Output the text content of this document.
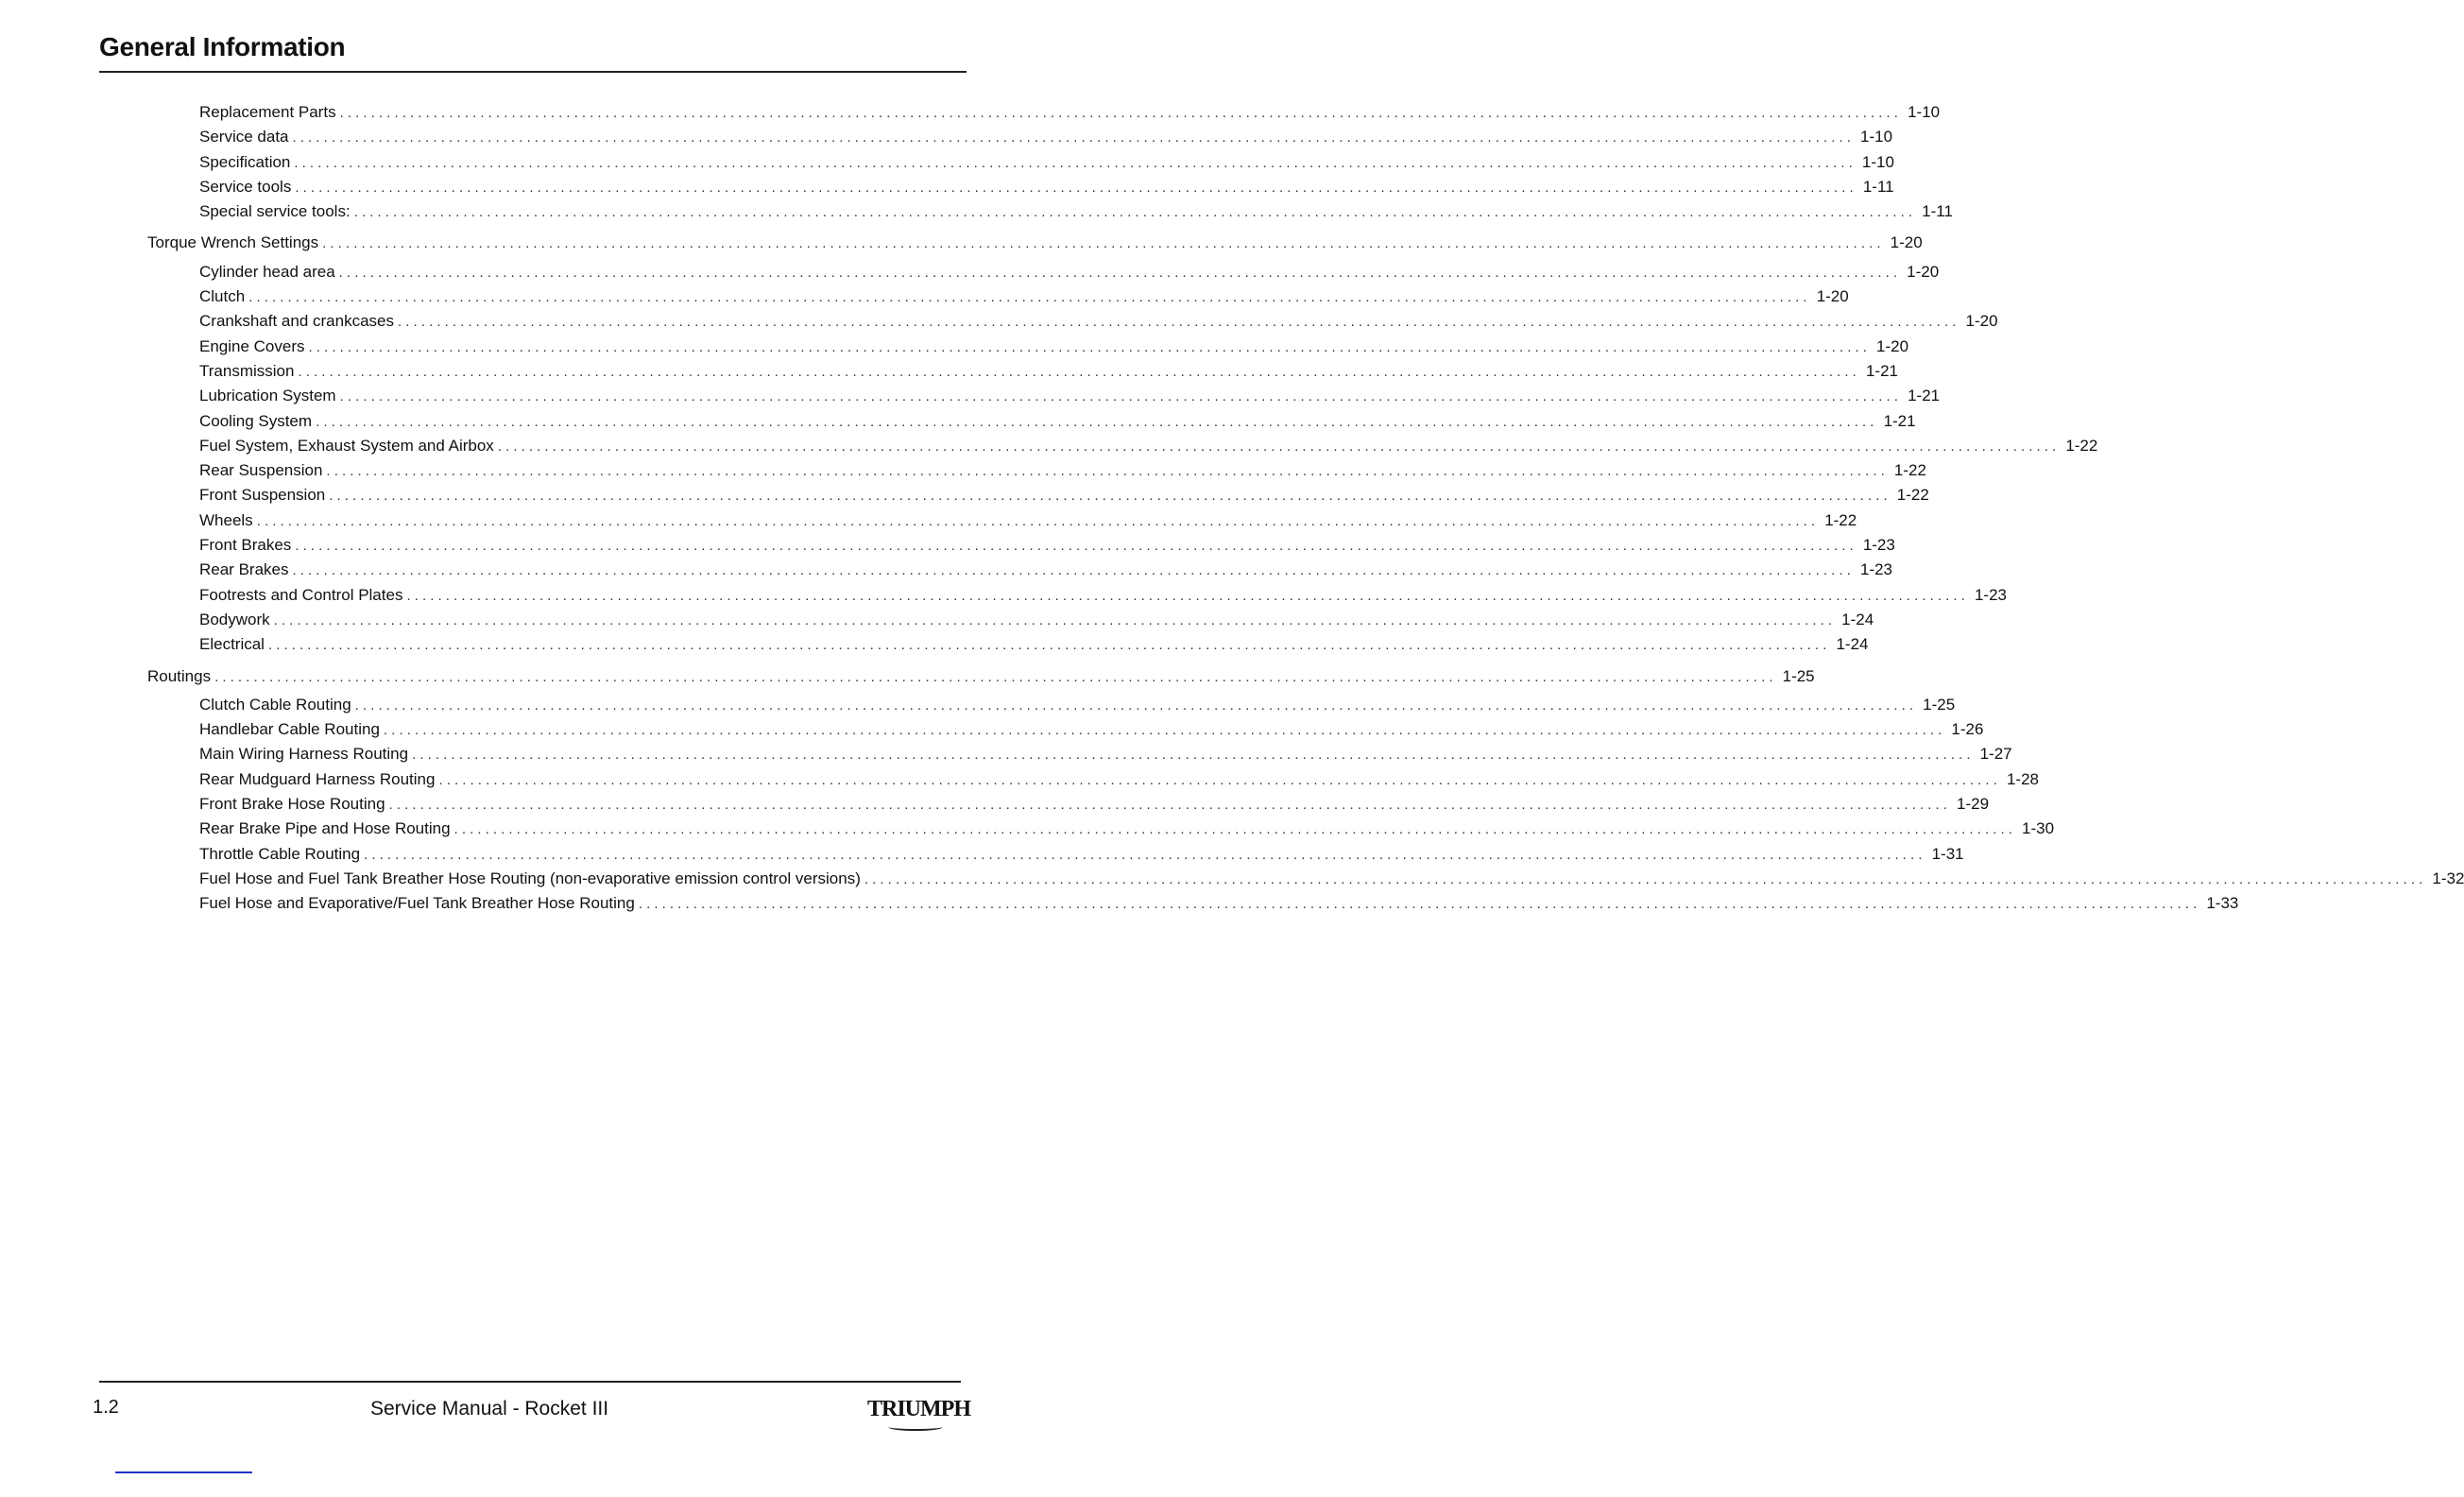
General Information
Replacement Parts ........................................................................................................................................................................................................ 1-10
Service data ........................................................................................................................................................................................................ 1-10
Specification ........................................................................................................................................................................................................ 1-10
Service tools ........................................................................................................................................................................................................ 1-11
Special service tools: ........................................................................................................................................................................................................ 1-11
Torque Wrench Settings ........................................................................................................................................................................................................ 1-20
Cylinder head area ........................................................................................................................................................................................................ 1-20
Clutch ........................................................................................................................................................................................................ 1-20
Crankshaft and crankcases ........................................................................................................................................................................................................ 1-20
Engine Covers ........................................................................................................................................................................................................ 1-20
Transmission ........................................................................................................................................................................................................ 1-21
Lubrication System ........................................................................................................................................................................................................ 1-21
Cooling System ........................................................................................................................................................................................................ 1-21
Fuel System, Exhaust System and Airbox ........................................................................................................................................................................................................ 1-22
Rear Suspension ........................................................................................................................................................................................................ 1-22
Front Suspension ........................................................................................................................................................................................................ 1-22
Wheels ........................................................................................................................................................................................................ 1-22
Front Brakes ........................................................................................................................................................................................................ 1-23
Rear Brakes ........................................................................................................................................................................................................ 1-23
Footrests and Control Plates ........................................................................................................................................................................................................ 1-23
Bodywork ........................................................................................................................................................................................................ 1-24
Electrical ........................................................................................................................................................................................................ 1-24
Routings ........................................................................................................................................................................................................ 1-25
Clutch Cable Routing ........................................................................................................................................................................................................ 1-25
Handlebar Cable Routing ........................................................................................................................................................................................................ 1-26
Main Wiring Harness Routing ........................................................................................................................................................................................................ 1-27
Rear Mudguard Harness Routing ........................................................................................................................................................................................................ 1-28
Front Brake Hose Routing ........................................................................................................................................................................................................ 1-29
Rear Brake Pipe and Hose Routing ........................................................................................................................................................................................................ 1-30
Throttle Cable Routing ........................................................................................................................................................................................................ 1-31
Fuel Hose and Fuel Tank Breather Hose Routing (non-evaporative emission control versions) ........................................................................................................................................................................................................ 1-32
Fuel Hose and Evaporative/Fuel Tank Breather Hose Routing ........................................................................................................................................................................................................ 1-33
1.2	Service Manual - Rocket III	TRIUMPH
